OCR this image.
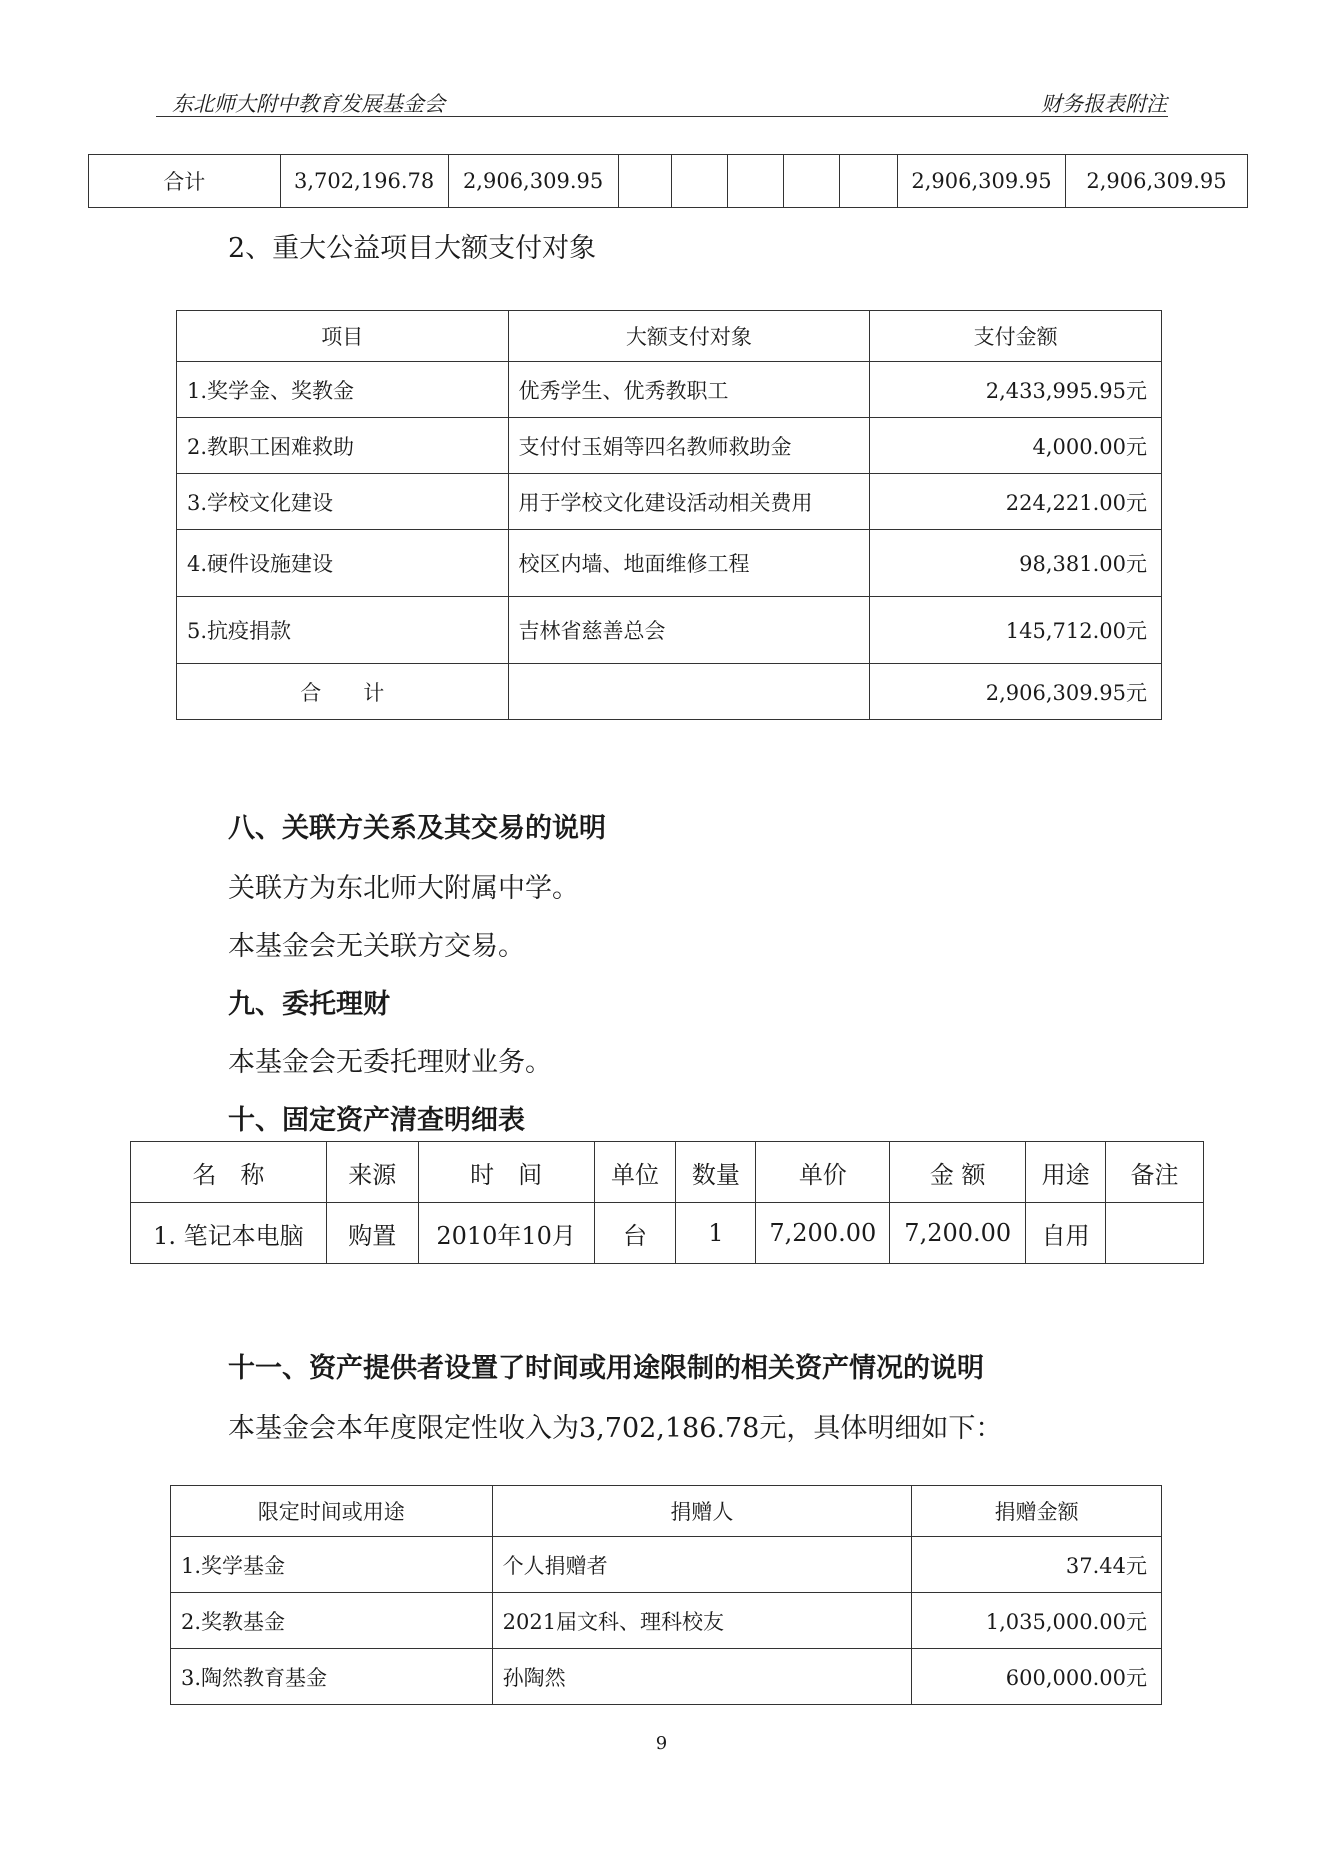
东北师大附中教育发展基金会	财务报表附注
合计	3,702,196.78	2,906,309.95						2,906,309.95	2,906,309.95
2、重大公益项目大额支付对象
项目	大额支付对象	支付金额
1.奖学金、奖教金	优秀学生、优秀教职工	2,433,995.95元
2.教职工困难救助	支付付玉娟等四名教师救助金	4,000.00元
3.学校文化建设	用于学校文化建设活动相关费用	224,221.00元
4.硬件设施建设	校区内墙、地面维修工程	98,381.00元
5.抗疫捐款	吉林省慈善总会	145,712.00元
合　　计		2,906,309.95元
八、关联方关系及其交易的说明
关联方为东北师大附属中学。
本基金会无关联方交易。
九、委托理财
本基金会无委托理财业务。
十、固定资产清查明细表
名　称	来源	时　间	单位	数量	单价	金 额	用途	备注
1. 笔记本电脑	购置	2010年10月	台	1	7,200.00	7,200.00	自用	
十一、资产提供者设置了时间或用途限制的相关资产情况的说明
本基金会本年度限定性收入为3,702,186.78元，具体明细如下：
限定时间或用途	捐赠人	捐赠金额
1.奖学基金	个人捐赠者	37.44元
2.奖教基金	2021届文科、理科校友	1,035,000.00元
3.陶然教育基金	孙陶然	600,000.00元
9
